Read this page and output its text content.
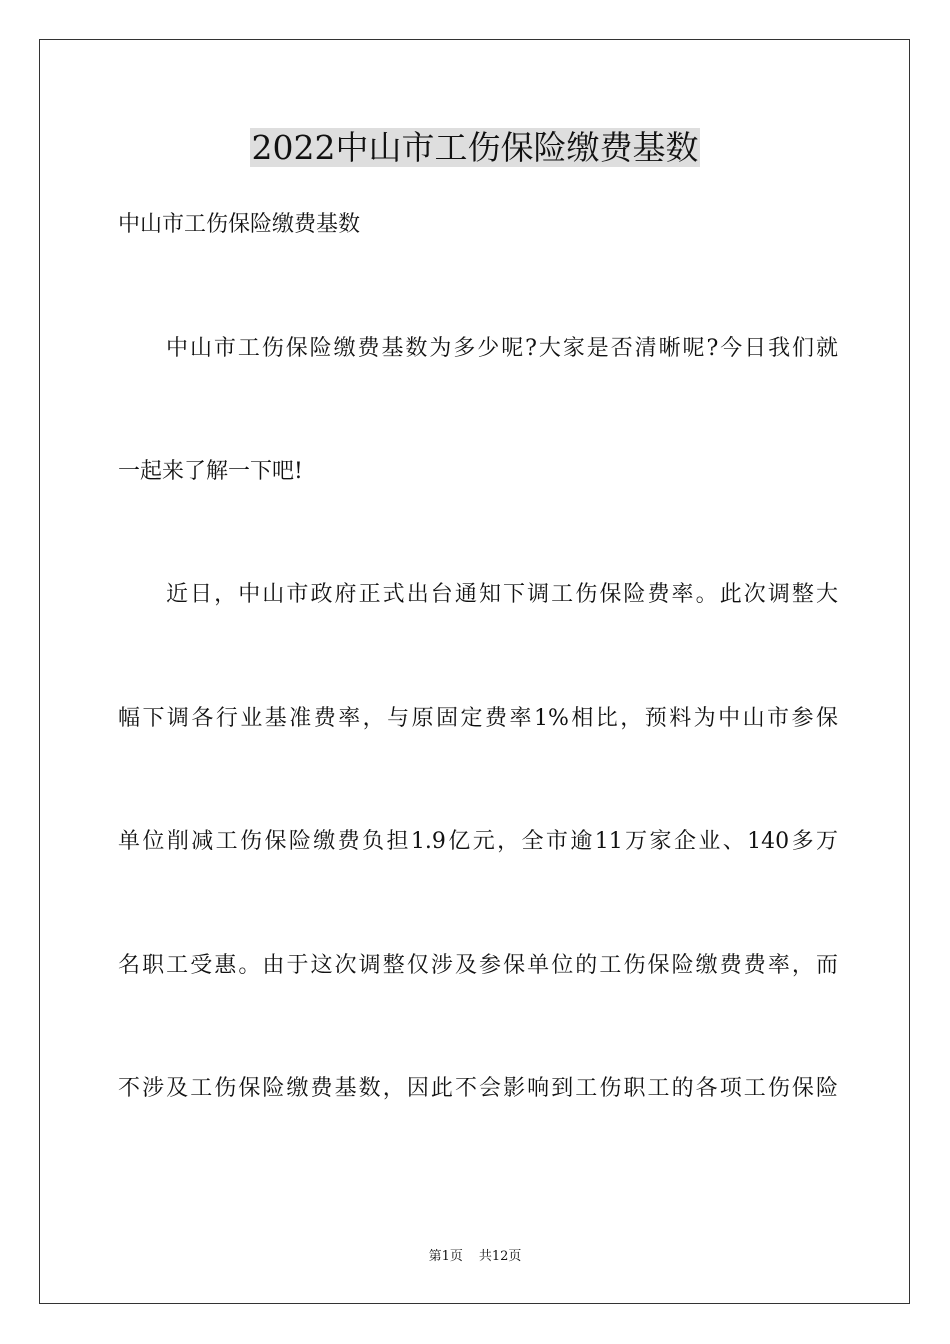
2022中山市工伤保险缴费基数

中山市工伤保险缴费基数

中山市工伤保险缴费基数为多少呢?大家是否清晰呢?今日我们就

一起来了解一下吧!

近日，中山市政府正式出台通知下调工伤保险费率。此次调整大

幅下调各行业基准费率，与原固定费率1%相比，预料为中山市参保

单位削减工伤保险缴费负担1.9亿元，全市逾11万家企业、140多万

名职工受惠。由于这次调整仅涉及参保单位的工伤保险缴费费率，而

不涉及工伤保险缴费基数，因此不会影响到工伤职工的各项工伤保险

第1页 共12页
